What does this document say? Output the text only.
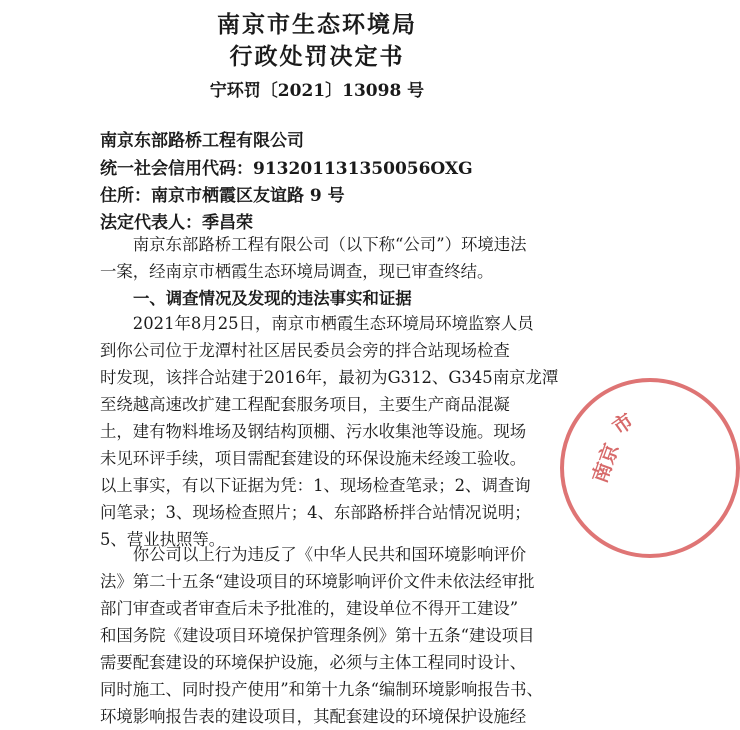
南京市生态环境局
行政处罚决定书
宁环罚〔2021〕13098 号
南京东部路桥工程有限公司
统一社会信用代码：913201131350056OXG
住所：南京市栖霞区友谊路 9 号
法定代表人：季昌荣
　　南京东部路桥工程有限公司（以下称“公司”）环境违法
一案，经南京市栖霞生态环境局调查，现已审查终结。
一、调查情况及发现的违法事实和证据
　　2021年8月25日，南京市栖霞生态环境局环境监察人员
到你公司位于龙潭村社区居民委员会旁的拌合站现场检查
时发现，该拌合站建于2016年，最初为G312、G345南京龙潭
至绕越高速改扩建工程配套服务项目，主要生产商品混凝
土，建有物料堆场及钢结构顶棚、污水收集池等设施。现场
未见环评手续，项目需配套建设的环保设施未经竣工验收。
以上事实，有以下证据为凭：1、现场检查笔录；2、调查询
问笔录；3、现场检查照片；4、东部路桥拌合站情况说明；
5、营业执照等。
　　你公司以上行为违反了《中华人民共和国环境影响评价
法》第二十五条“建设项目的环境影响评价文件未依法经审批
部门审查或者审查后未予批准的，建设单位不得开工建设”
和国务院《建设项目环境保护管理条例》第十五条“建设项目
需要配套建设的环境保护设施，必须与主体工程同时设计、
同时施工、同时投产使用”和第十九条“编制环境影响报告书、
环境影响报告表的建设项目，其配套建设的环境保护设施经
市
南京
